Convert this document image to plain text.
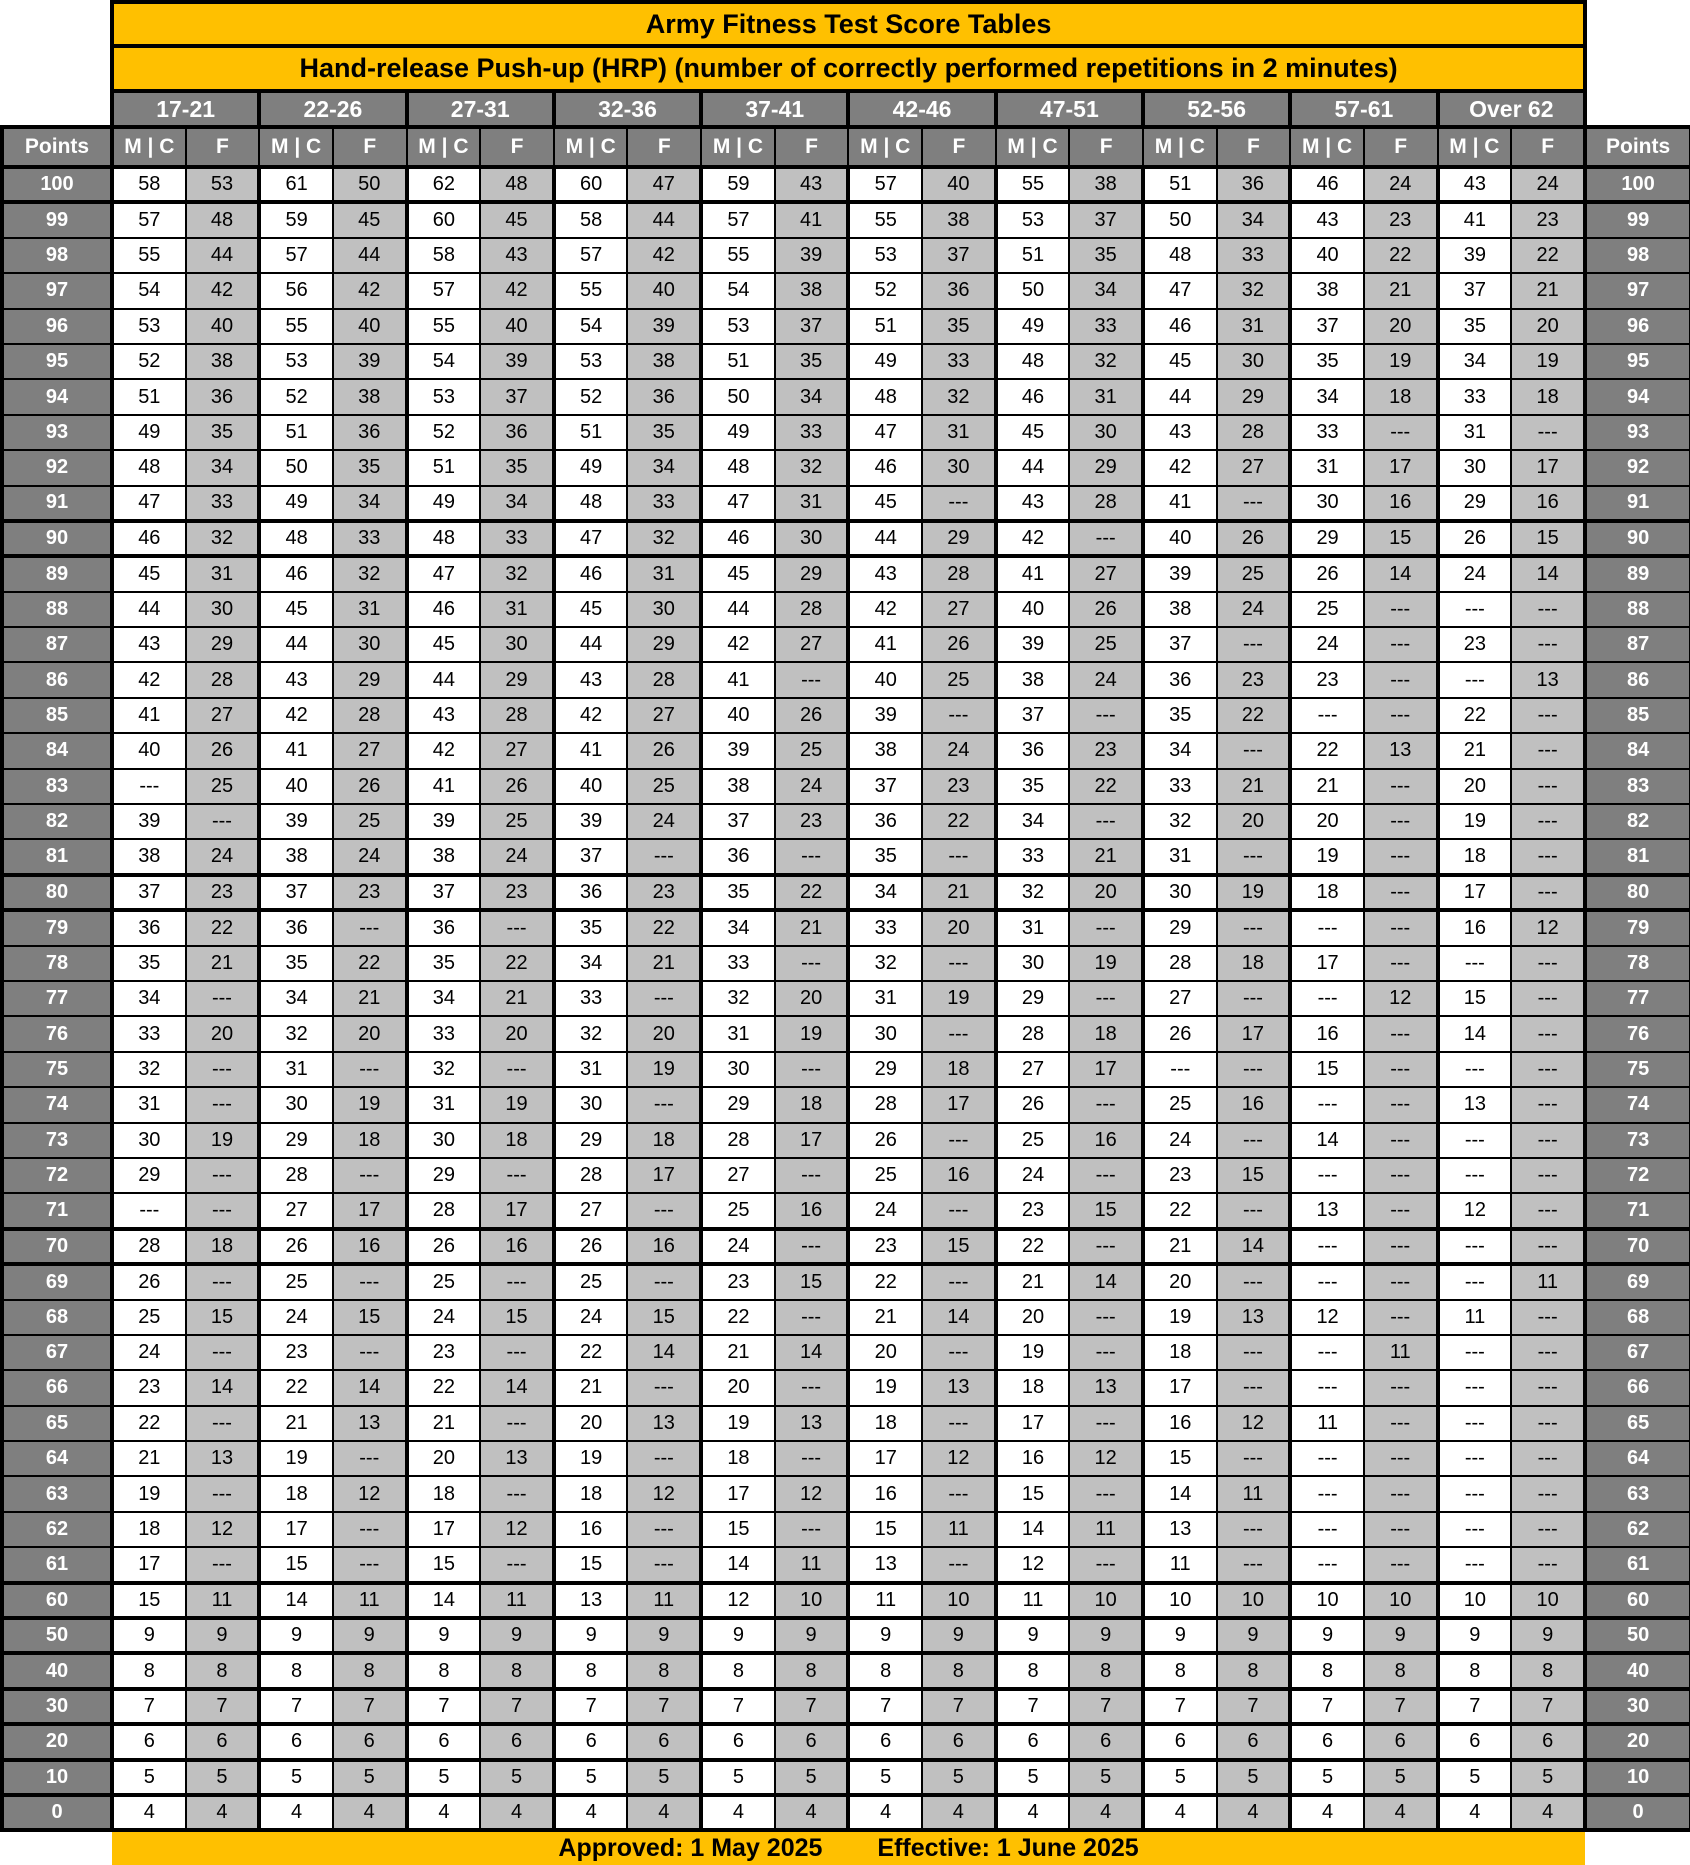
	Army Fitness Test Score Tables																				
	Hand-release Push-up (HRP) (number of correctly performed repetitions in 2 minutes)																				
	17-21		22-26		27-31		32-36		37-41		42-46		47-51		52-56		57-61		Over 62		
Points	M | C	F	M | C	F	M | C	F	M | C	F	M | C	F	M | C	F	M | C	F	M | C	F	M | C	F	M | C	F	Points
100	58	53	61	50	62	48	60	47	59	43	57	40	55	38	51	36	46	24	43	24	100
99	57	48	59	45	60	45	58	44	57	41	55	38	53	37	50	34	43	23	41	23	99
98	55	44	57	44	58	43	57	42	55	39	53	37	51	35	48	33	40	22	39	22	98
97	54	42	56	42	57	42	55	40	54	38	52	36	50	34	47	32	38	21	37	21	97
96	53	40	55	40	55	40	54	39	53	37	51	35	49	33	46	31	37	20	35	20	96
95	52	38	53	39	54	39	53	38	51	35	49	33	48	32	45	30	35	19	34	19	95
94	51	36	52	38	53	37	52	36	50	34	48	32	46	31	44	29	34	18	33	18	94
93	49	35	51	36	52	36	51	35	49	33	47	31	45	30	43	28	33	---	31	---	93
92	48	34	50	35	51	35	49	34	48	32	46	30	44	29	42	27	31	17	30	17	92
91	47	33	49	34	49	34	48	33	47	31	45	---	43	28	41	---	30	16	29	16	91
90	46	32	48	33	48	33	47	32	46	30	44	29	42	---	40	26	29	15	26	15	90
89	45	31	46	32	47	32	46	31	45	29	43	28	41	27	39	25	26	14	24	14	89
88	44	30	45	31	46	31	45	30	44	28	42	27	40	26	38	24	25	---	---	---	88
87	43	29	44	30	45	30	44	29	42	27	41	26	39	25	37	---	24	---	23	---	87
86	42	28	43	29	44	29	43	28	41	---	40	25	38	24	36	23	23	---	---	13	86
85	41	27	42	28	43	28	42	27	40	26	39	---	37	---	35	22	---	---	22	---	85
84	40	26	41	27	42	27	41	26	39	25	38	24	36	23	34	---	22	13	21	---	84
83	---	25	40	26	41	26	40	25	38	24	37	23	35	22	33	21	21	---	20	---	83
82	39	---	39	25	39	25	39	24	37	23	36	22	34	---	32	20	20	---	19	---	82
81	38	24	38	24	38	24	37	---	36	---	35	---	33	21	31	---	19	---	18	---	81
80	37	23	37	23	37	23	36	23	35	22	34	21	32	20	30	19	18	---	17	---	80
79	36	22	36	---	36	---	35	22	34	21	33	20	31	---	29	---	---	---	16	12	79
78	35	21	35	22	35	22	34	21	33	---	32	---	30	19	28	18	17	---	---	---	78
77	34	---	34	21	34	21	33	---	32	20	31	19	29	---	27	---	---	12	15	---	77
76	33	20	32	20	33	20	32	20	31	19	30	---	28	18	26	17	16	---	14	---	76
75	32	---	31	---	32	---	31	19	30	---	29	18	27	17	---	---	15	---	---	---	75
74	31	---	30	19	31	19	30	---	29	18	28	17	26	---	25	16	---	---	13	---	74
73	30	19	29	18	30	18	29	18	28	17	26	---	25	16	24	---	14	---	---	---	73
72	29	---	28	---	29	---	28	17	27	---	25	16	24	---	23	15	---	---	---	---	72
71	---	---	27	17	28	17	27	---	25	16	24	---	23	15	22	---	13	---	12	---	71
70	28	18	26	16	26	16	26	16	24	---	23	15	22	---	21	14	---	---	---	---	70
69	26	---	25	---	25	---	25	---	23	15	22	---	21	14	20	---	---	---	---	11	69
68	25	15	24	15	24	15	24	15	22	---	21	14	20	---	19	13	12	---	11	---	68
67	24	---	23	---	23	---	22	14	21	14	20	---	19	---	18	---	---	11	---	---	67
66	23	14	22	14	22	14	21	---	20	---	19	13	18	13	17	---	---	---	---	---	66
65	22	---	21	13	21	---	20	13	19	13	18	---	17	---	16	12	11	---	---	---	65
64	21	13	19	---	20	13	19	---	18	---	17	12	16	12	15	---	---	---	---	---	64
63	19	---	18	12	18	---	18	12	17	12	16	---	15	---	14	11	---	---	---	---	63
62	18	12	17	---	17	12	16	---	15	---	15	11	14	11	13	---	---	---	---	---	62
61	17	---	15	---	15	---	15	---	14	11	13	---	12	---	11	---	---	---	---	---	61
60	15	11	14	11	14	11	13	11	12	10	11	10	11	10	10	10	10	10	10	10	60
50	9	9	9	9	9	9	9	9	9	9	9	9	9	9	9	9	9	9	9	9	50
40	8	8	8	8	8	8	8	8	8	8	8	8	8	8	8	8	8	8	8	8	40
30	7	7	7	7	7	7	7	7	7	7	7	7	7	7	7	7	7	7	7	7	30
20	6	6	6	6	6	6	6	6	6	6	6	6	6	6	6	6	6	6	6	6	20
10	5	5	5	5	5	5	5	5	5	5	5	5	5	5	5	5	5	5	5	5	10
0	4	4	4	4	4	4	4	4	4	4	4	4	4	4	4	4	4	4	4	4	0

	Approved: 1 May 2025 Effective: 1 June 2025																				
